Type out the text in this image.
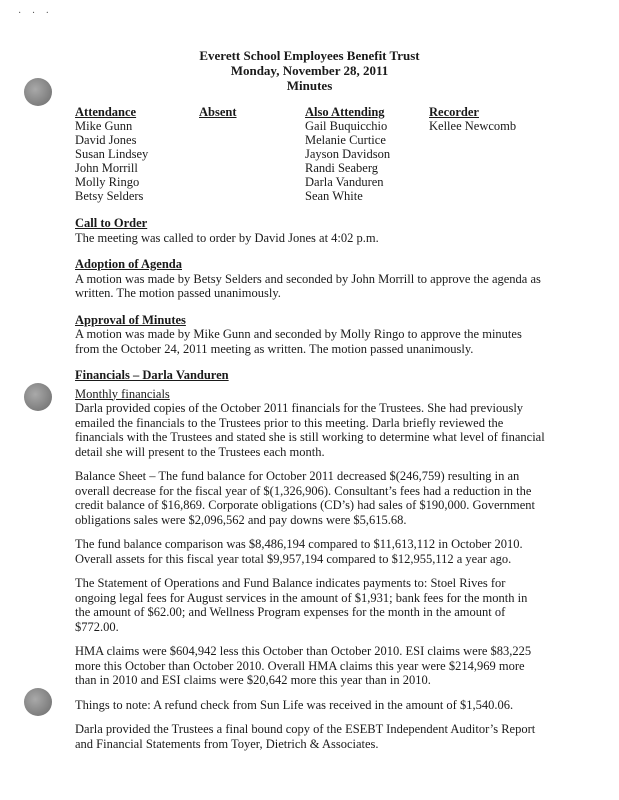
· · ·
Everett School Employees Benefit Trust
Monday, November 28, 2011
Minutes
Attendance
Mike Gunn
David Jones
Susan Lindsey
John Morrill
Molly Ringo
Betsy Selders
Absent	Also Attending
Gail Buquicchio
Melanie Curtice
Jayson Davidson
Randi Seaberg
Darla Vanduren
Sean White
Recorder
Kellee Newcomb

Call to Order

The meeting was called to order by David Jones at 4:02 p.m.

Adoption of Agenda

A motion was made by Betsy Selders and seconded by John Morrill to approve the agenda as written. The motion passed unanimously.

Approval of Minutes

A motion was made by Mike Gunn and seconded by Molly Ringo to approve the minutes from the October 24, 2011 meeting as written. The motion passed unanimously.

Financials – Darla Vanduren

Monthly financials

Darla provided copies of the October 2011 financials for the Trustees. She had previously emailed the financials to the Trustees prior to this meeting. Darla briefly reviewed the financials with the Trustees and stated she is still working to determine what level of financial detail she will present to the Trustees each month.

Balance Sheet – The fund balance for October 2011 decreased $(246,759) resulting in an overall decrease for the fiscal year of $(1,326,906). Consultant’s fees had a reduction in the credit balance of $16,869. Corporate obligations (CD’s) had sales of $190,000. Government obligations sales were $2,096,562 and pay downs were $5,615.68.

The fund balance comparison was $8,486,194 compared to $11,613,112 in October 2010. Overall assets for this fiscal year total $9,957,194 compared to $12,955,112 a year ago.

The Statement of Operations and Fund Balance indicates payments to: Stoel Rives for ongoing legal fees for August services in the amount of $1,931; bank fees for the month in the amount of $62.00; and Wellness Program expenses for the month in the amount of $772.00.

HMA claims were $604,942 less this October than October 2010. ESI claims were $83,225 more this October than October 2010. Overall HMA claims this year were $214,969 more than in 2010 and ESI claims were $20,642 more this year than in 2010.

Things to note: A refund check from Sun Life was received in the amount of $1,540.06.

Darla provided the Trustees a final bound copy of the ESEBT Independent Auditor’s Report and Financial Statements from Toyer, Dietrich & Associates.
